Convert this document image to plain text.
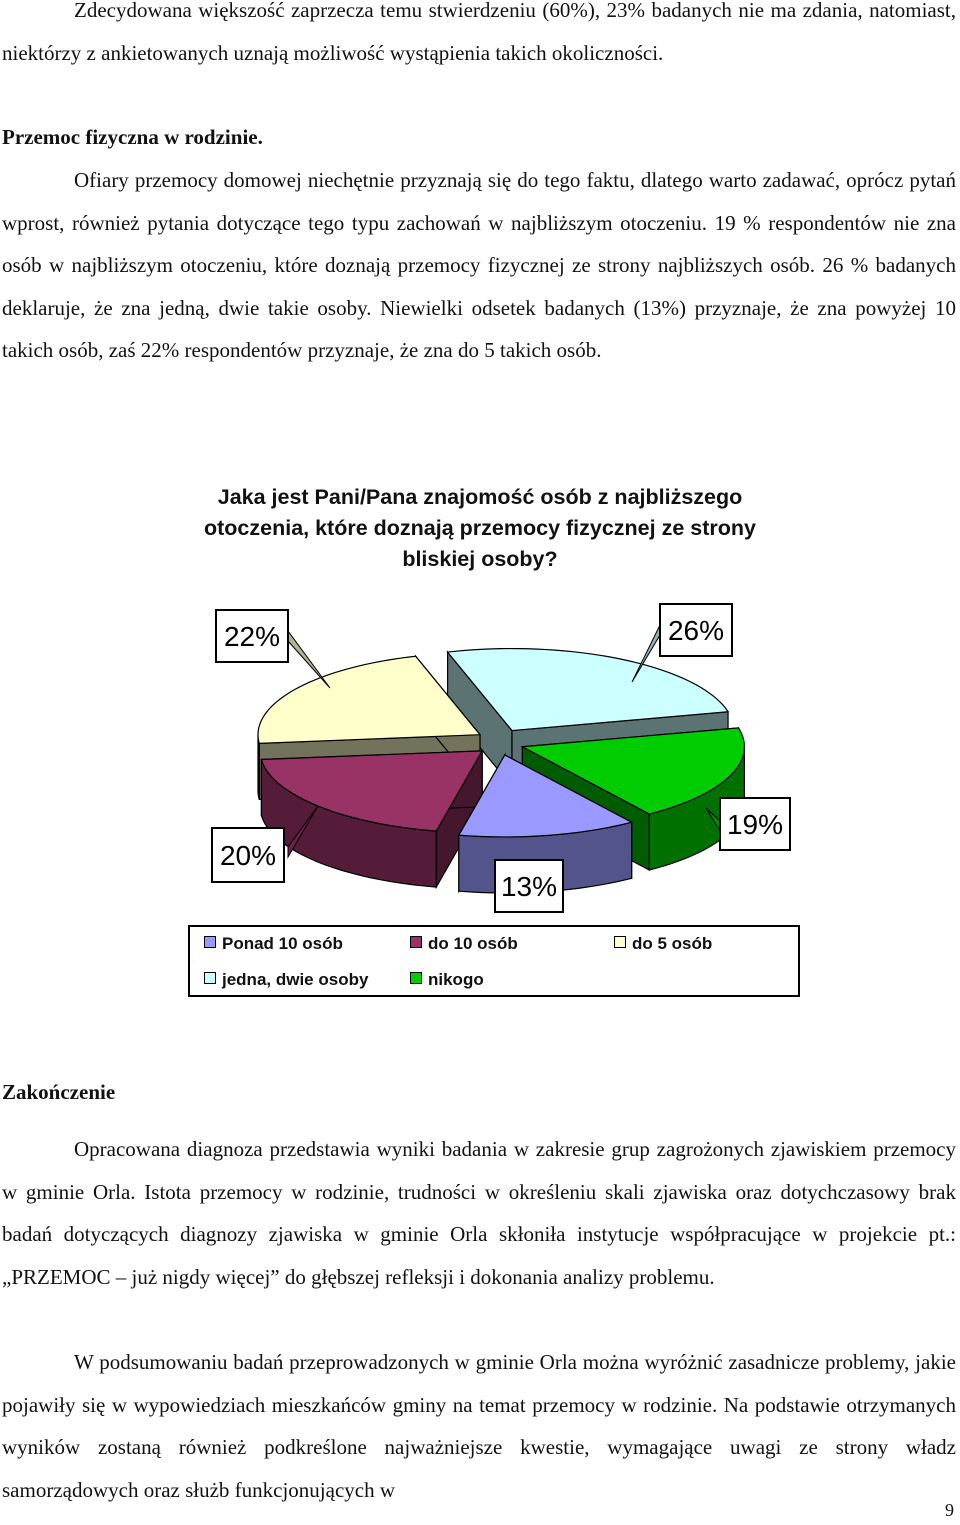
Zdecydowana większość zaprzecza temu stwierdzeniu (60%), 23% badanych nie ma zdania, natomiast, niektórzy z ankietowanych uznają możliwość wystąpienia takich okoliczności.

Przemoc fizyczna w rodzinie.

Ofiary przemocy domowej niechętnie przyznają się do tego faktu, dlatego warto zadawać, oprócz pytań wprost, również pytania dotyczące tego typu zachowań w najbliższym otoczeniu. 19 % respondentów nie zna osób w najbliższym otoczeniu, które doznają przemocy fizycznej ze strony najbliższych osób. 26 % badanych deklaruje, że zna jedną, dwie takie osoby. Niewielki odsetek badanych (13%) przyznaje, że zna powyżej 10 takich osób, zaś 22% respondentów przyznaje, że zna do 5 takich osób.

Jaka jest Pani/Pana znajomość osób z najbliższego otoczenia, które doznają przemocy fizycznej ze strony bliskiej osoby?

13%
20%
22%	26%
19%
Ponad 10 osób	do 10 osób	do 5 osób
jedna, dwie osoby	nikogo

Zakończenie

Opracowana diagnoza przedstawia wyniki badania w zakresie grup zagrożonych zjawiskiem przemocy w gminie Orla. Istota przemocy w rodzinie, trudności w określeniu skali zjawiska oraz dotychczasowy brak badań dotyczących diagnozy zjawiska w gminie Orla skłoniła instytucje współpracujące w projekcie pt.: „PRZEMOC – już nigdy więcej” do głębszej refleksji i dokonania analizy problemu.

W podsumowaniu badań przeprowadzonych w gminie Orla można wyróżnić zasadnicze problemy, jakie pojawiły się w wypowiedziach mieszkańców gminy na temat przemocy w rodzinie. Na podstawie otrzymanych wyników zostaną również podkreślone najważniejsze kwestie, wymagające uwagi ze strony władz samorządowych oraz służb funkcjonujących w

9
